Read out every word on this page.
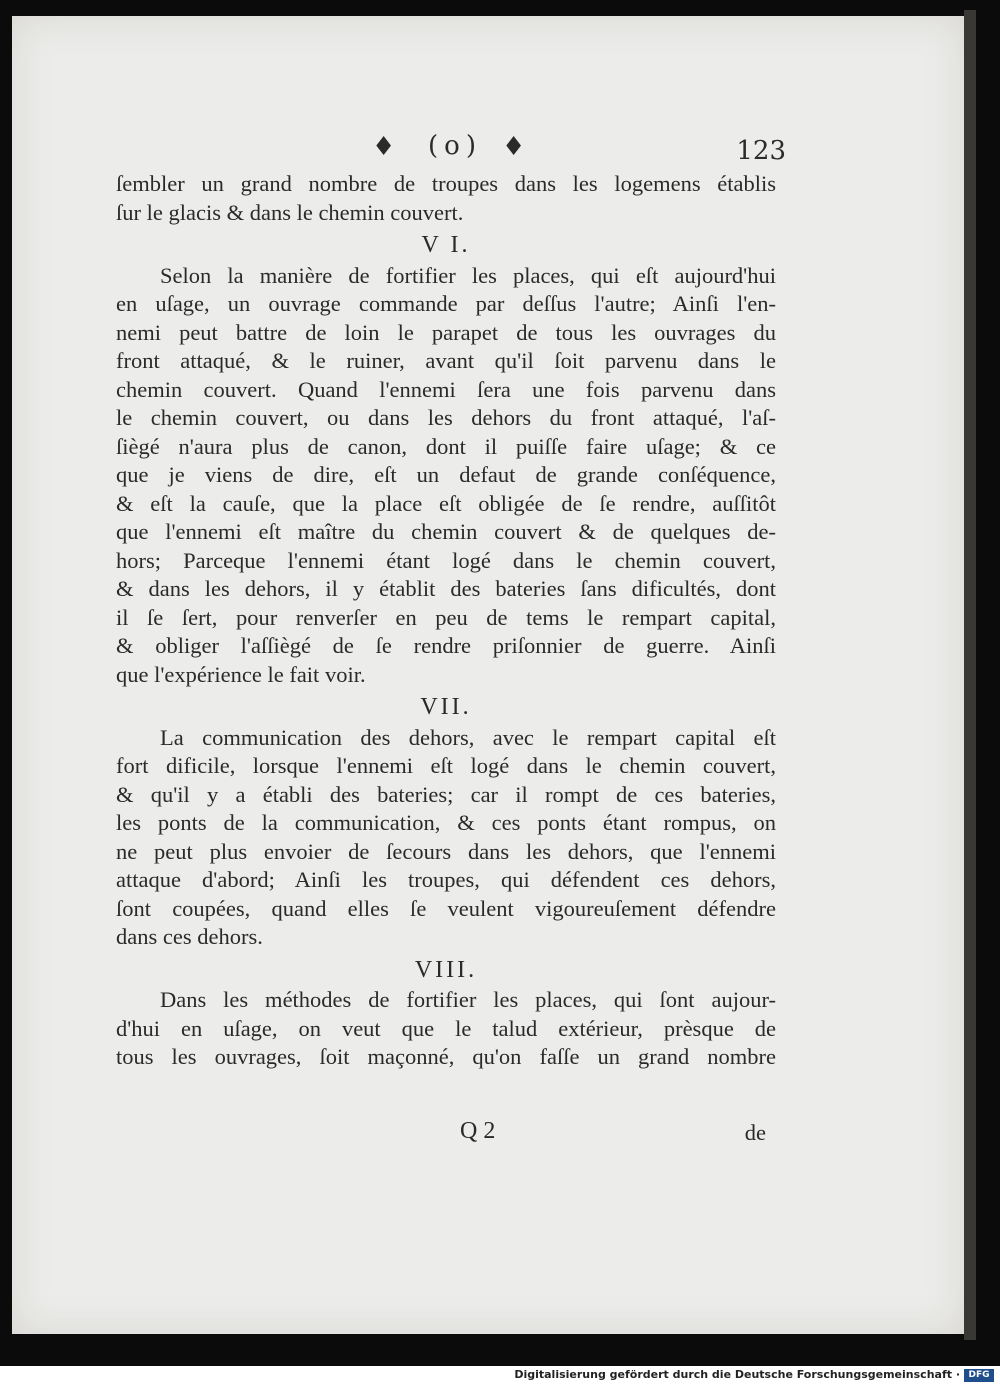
♦	(o) ♦	123
ſembler un grand nombre de troupes dans les logemens établis
ſur le glacis & dans le chemin couvert.
V I.
Selon la manière de fortifier les places, qui eſt aujourd'hui
en uſage, un ouvrage commande par deſſus l'autre; Ainſi l'en-
nemi peut battre de loin le parapet de tous les ouvrages du
front attaqué, & le ruiner, avant qu'il ſoit parvenu dans le
chemin couvert. Quand l'ennemi ſera une fois parvenu dans
le chemin couvert, ou dans les dehors du front attaqué, l'aſ-
ſiègé n'aura plus de canon, dont il puiſſe faire uſage; & ce
que je viens de dire, eſt un defaut de grande conſéquence,
& eſt la cauſe, que la place eſt obligée de ſe rendre, auſſitôt
que l'ennemi eſt maître du chemin couvert & de quelques de-
hors; Parceque l'ennemi étant logé dans le chemin couvert,
& dans les dehors, il y établit des bateries ſans dificultés, dont
il ſe ſert, pour renverſer en peu de tems le rempart capital,
& obliger l'aſſiègé de ſe rendre priſonnier de guerre. Ainſi
que l'expérience le fait voir.
VII.
La communication des dehors, avec le rempart capital eſt
fort dificile, lorsque l'ennemi eſt logé dans le chemin couvert,
& qu'il y a établi des bateries; car il rompt de ces bateries,
les ponts de la communication, & ces ponts étant rompus, on
ne peut plus envoier de ſecours dans les dehors, que l'ennemi
attaque d'abord; Ainſi les troupes, qui défendent ces dehors,
ſont coupées, quand elles ſe veulent vigoureuſement défendre
dans ces dehors.
VIII.
Dans les méthodes de fortifier les places, qui ſont aujour-
d'hui en uſage, on veut que le talud extérieur, prèsque de
tous les ouvrages, ſoit maçonné, qu'on faſſe un grand nombre
Q 2	de
Digitalisierung gefördert durch die Deutsche Forschungsgemeinschaft · DFG
